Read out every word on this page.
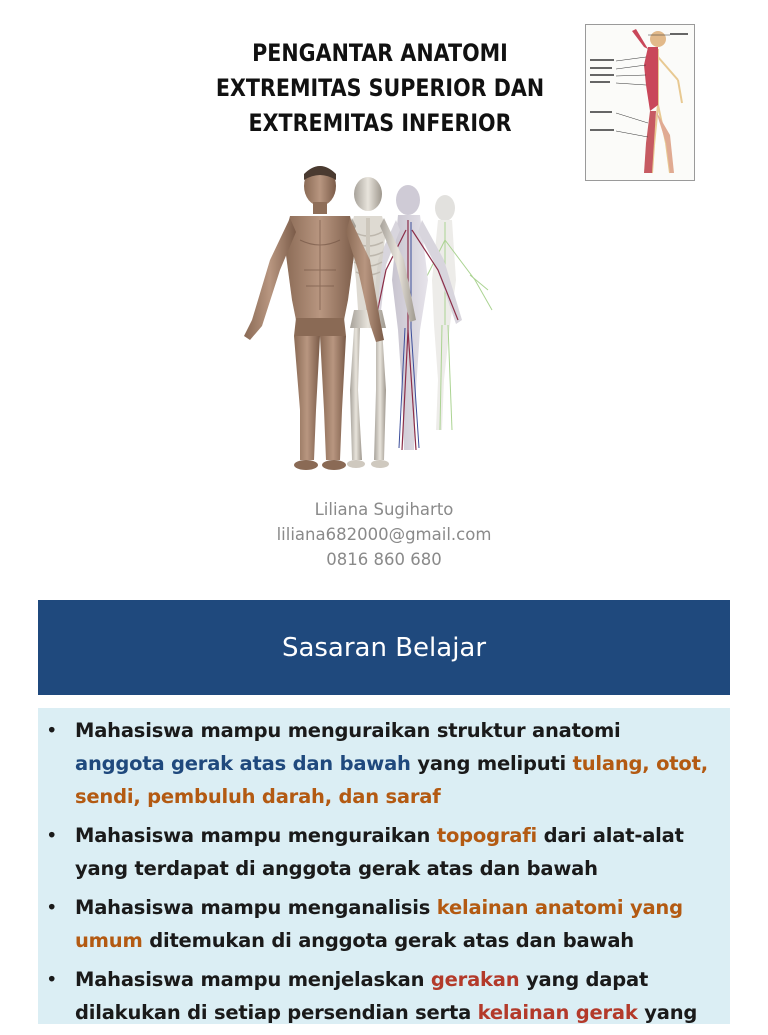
PENGANTAR ANATOMI
EXTREMITAS SUPERIOR DAN
EXTREMITAS INFERIOR
Liliana Sugiharto
liliana682000@gmail.com
0816 860 680
Sasaran Belajar
• Mahasiswa mampu menguraikan struktur anatomi anggota gerak atas dan bawah yang meliputi tulang, otot, sendi, pembuluh darah, dan saraf
• Mahasiswa mampu menguraikan topografi dari alat-alat yang terdapat di anggota gerak atas dan bawah
• Mahasiswa mampu menganalisis kelainan anatomi yang umum ditemukan di anggota gerak atas dan bawah
• Mahasiswa mampu menjelaskan gerakan yang dapat dilakukan di setiap persendian serta kelainan gerak yang
